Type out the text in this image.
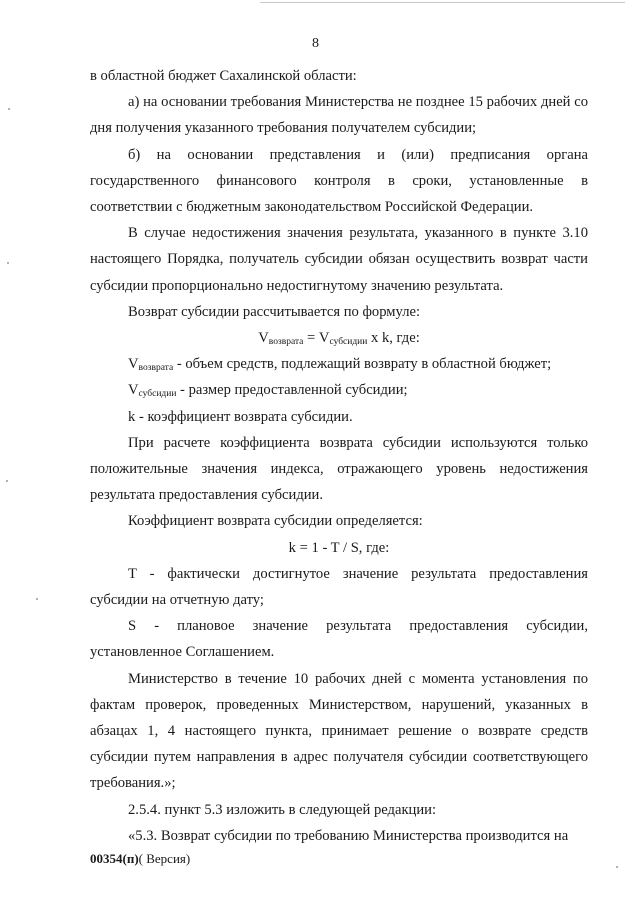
8

в областной бюджет Сахалинской области:

а) на основании требования Министерства не позднее 15 рабочих дней со дня получения указанного требования получателем субсидии;

б) на основании представления и (или) предписания органа государственного финансового контроля в сроки, установленные в соответствии с бюджетным законодательством Российской Федерации.

В случае недостижения значения результата, указанного в пункте 3.10 настоящего Порядка, получатель субсидии обязан осуществить возврат части субсидии пропорционально недостигнутому значению результата.

Возврат субсидии рассчитывается по формуле:

$V_{возврата} = V_{субсидии}$ x k, где:

$V_{возврата}$ - объем средств, подлежащий возврату в областной бюджет;

$V_{субсидии}$ - размер предоставленной субсидии;

k - коэффициент возврата субсидии.

При расчете коэффициента возврата субсидии используются только положительные значения индекса, отражающего уровень недостижения результата предоставления субсидии.

Коэффициент возврата субсидии определяется:

k = 1 - T / S, где:

T - фактически достигнутое значение результата предоставления субсидии на отчетную дату;

S - плановое значение результата предоставления субсидии, установленное Соглашением.

Министерство в течение 10 рабочих дней с момента установления по фактам проверок, проведенных Министерством, нарушений, указанных в абзацах 1, 4 настоящего пункта, принимает решение о возврате средств субсидии путем направления в адрес получателя субсидии соответствующего требования.»;

2.5.4. пункт 5.3 изложить в следующей редакции:

«5.3. Возврат субсидии по требованию Министерства производится на

00354(п)( Версия)
